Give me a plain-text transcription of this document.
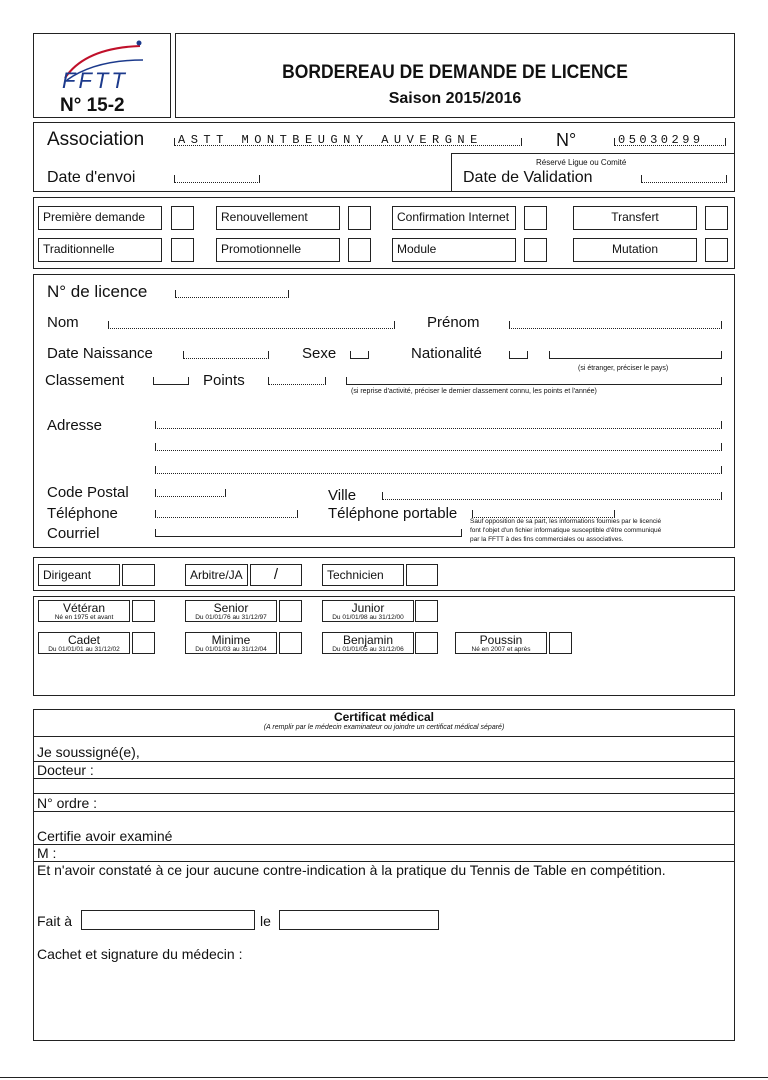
FFTT
N° 15-2
BORDEREAU DE DEMANDE DE LICENCE
Saison 2015/2016
Association	ASTT MONTBEUGNY AUVERGNE	N°	05030299
Date d'envoi
Réservé Ligue ou Comité
Date de Validation
Première demande	Renouvellement	Confirmation Internet	Transfert
Traditionnelle	Promotionnelle	Module	Mutation
N° de licence
Nom	Prénom
Date Naissance	Sexe	Nationalité
(si étranger, préciser le pays)
Classement	Points
(si reprise d'activité, préciser le dernier classement connu, les points et l'année)
Adresse
Code Postal	Ville
Téléphone	Téléphone portable
Courriel
Sauf opposition de sa part, les informations fournies par le licencié
font l'objet d'un fichier informatique susceptible d'être communiqué
par la FFTT à des fins commerciales ou associatives.
Dirigeant	Arbitre/JA	/	Technicien
Vétéran
Né en 1975 et avant
Senior
Du 01/01/76 au 31/12/97
Junior
Du 01/01/98 au 31/12/00
Cadet
Du 01/01/01 au 31/12/02
Minime
Du 01/01/03 au 31/12/04
Benjamin
Du 01/01/05 au 31/12/06
Poussin
Né en 2007 et après
Certificat médical
(A remplir par le médecin examinateur ou joindre un certificat médical séparé)
Je soussigné(e),
Docteur :
N° ordre :
Certifie avoir examiné
M :
Et n'avoir constaté à ce jour aucune contre-indication à la pratique du Tennis de Table en compétition.
Fait à	le
Cachet et signature du médecin :
